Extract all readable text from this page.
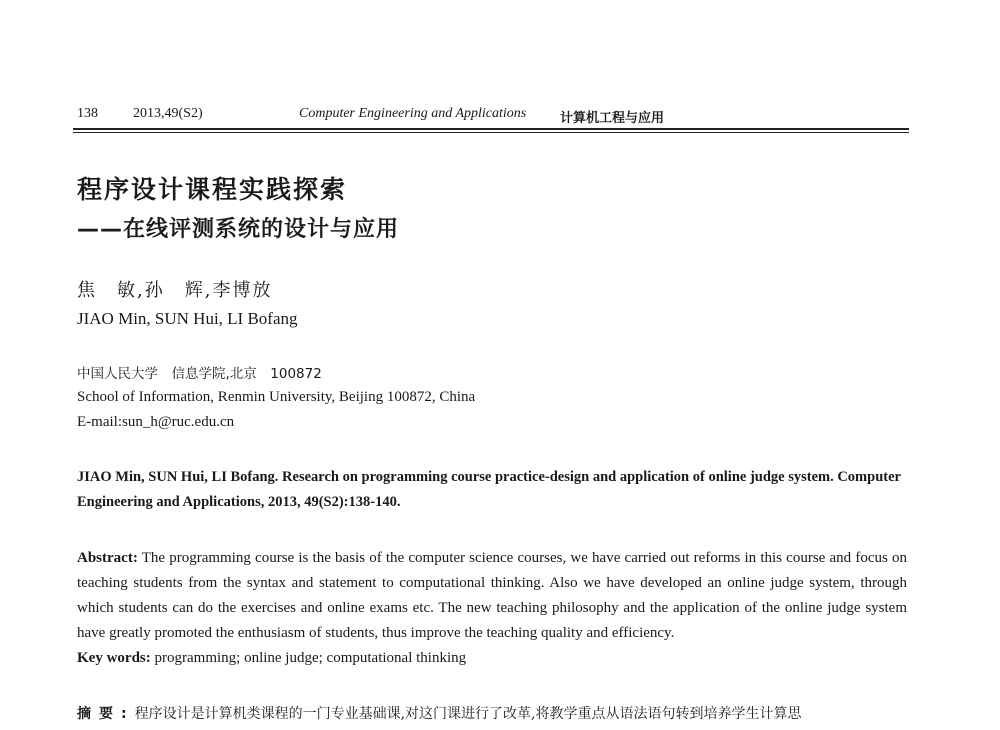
138	2013,49(S2)	Computer Engineering and Applications	计算机工程与应用
程序设计课程实践探索
——在线评测系统的设计与应用
焦　敏,孙　辉,李博放
JIAO Min, SUN Hui, LI Bofang
中国人民大学　信息学院,北京　100872
School of Information, Renmin University, Beijing 100872, China
E-mail:sun_h@ruc.edu.cn
JIAO Min, SUN Hui, LI Bofang. Research on programming course practice-design and application of online judge system. Computer Engineering and Applications, 2013, 49(S2):138-140.
Abstract: The programming course is the basis of the computer science courses, we have carried out reforms in this course and focus on teaching students from the syntax and statement to computational thinking. Also we have developed an online judge system, through which students can do the exercises and online exams etc. The new teaching philosophy and the application of the online judge system have greatly promoted the enthusiasm of students, thus improve the teaching quality and efficiency.
Key words: programming; online judge; computational thinking
摘要:程序设计是计算机类课程的一门专业基础课,对这门课进行了改革,将教学重点从语法语句转到培养学生计算思
